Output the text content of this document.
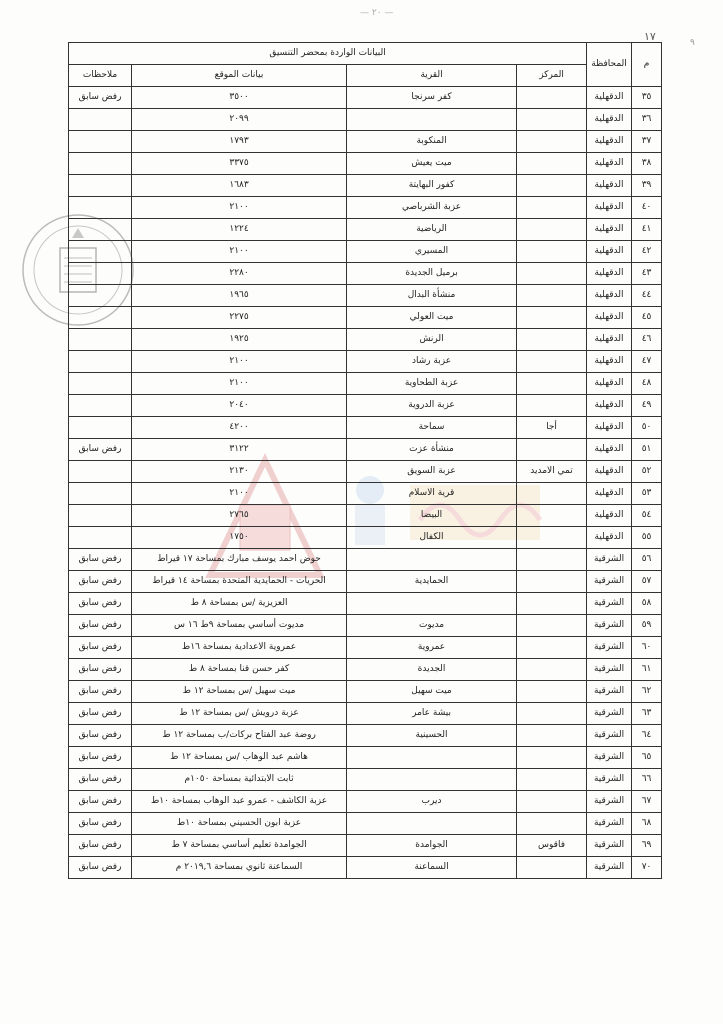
— ٢٠ —
١٧	٩
م	المحافظة	البيانات الواردة بمحضر التنسيق			
		المركز	القرية	بيانات الموقع	ملاحظات
٣٥	الدقهلية		كفر سرنجا	٣٥٠٠	رفض سابق
٣٦	الدقهلية			٢٠٩٩	
٣٧	الدقهلية		المنكوبة	١٧٩٣	
٣٨	الدقهلية		ميت يعيش	٣٣٧٥	
٣٩	الدقهلية		كفور البهايتة	١٦٨٣	
٤٠	الدقهلية		عزبة الشرباصي	٢١٠٠	
٤١	الدقهلية		الرياضية	١٢٢٤	
٤٢	الدقهلية		المسيري	٢١٠٠	
٤٣	الدقهلية		برميل الجديدة	٢٢٨٠	
٤٤	الدقهلية		منشأة البدال	١٩٦٥	
٤٥	الدقهلية		ميت العولي	٢٢٧٥	
٤٦	الدقهلية		الرنش	١٩٢٥	
٤٧	الدقهلية		عزبة رشاد	٢١٠٠	
٤٨	الدقهلية		عزبة الطحاوية	٢١٠٠	
٤٩	الدقهلية		عزبة الدروية	٢٠٤٠	
٥٠	الدقهلية	أجا	سماحة	٤٢٠٠	
٥١	الدقهلية		منشأة عزت	٣١٢٢	رفض سابق
٥٢	الدقهلية	تمي الامديد	عزبة السويق	٢١٣٠	
٥٣	الدقهلية		قرية الاسلام	٢١٠٠	
٥٤	الدقهلية		البيضا	٢٧٦٥	
٥٥	الدقهلية		الكفال	١٧٥٠	
٥٦	الشرقية			حوض احمد يوسف مبارك بمساحة ١٧ قيراط	رفض سابق
٥٧	الشرقية		الحمايدية	الحريات - الحمايدية المتحدة بمساحة ١٤ قيراط	رفض سابق
٥٨	الشرقية			العزيزية /س بمساحة ٨ ط	رفض سابق
٥٩	الشرقية		مديوت	مديوت أساسي بمساحة ٩ط ١٦ س	رفض سابق
٦٠	الشرقية		عمروية	عمروية الاعدادية بمساحة ١٦ط	رفض سابق
٦١	الشرقية		الجديدة	كفر حسن قنا بمساحة ٨ ط	رفض سابق
٦٢	الشرقية		ميت سهيل	ميت سهيل /س بمساحة ١٢ ط	رفض سابق
٦٣	الشرقية		بيشة عامر	عزبة درويش /س بمساحة ١٢ ط	رفض سابق
٦٤	الشرقية		الحسينية	روضة عبد الفتاح بركات/ب بمساحة ١٢ ط	رفض سابق
٦٥	الشرقية			هاشم عبد الوهاب /س بمساحة ١٢ ط	رفض سابق
٦٦	الشرقية			ثابت الابتدائية بمساحة ١٠٥٠م	رفض سابق
٦٧	الشرقية		ديرب	عزبة الكاشف - عمرو عبد الوهاب بمساحة ١٠ط	رفض سابق
٦٨	الشرقية			عزبة ابون الحسيني بمساحة ١٠ط	رفض سابق
٦٩	الشرقية	فاقوس	الجوامدة	الجوامدة تعليم أساسي بمساحة ٧ ط	رفض سابق
٧٠	الشرقية		السماعنة	السماعنة ثانوي بمساحة ٢٠١٩,٦ م	رفض سابق
